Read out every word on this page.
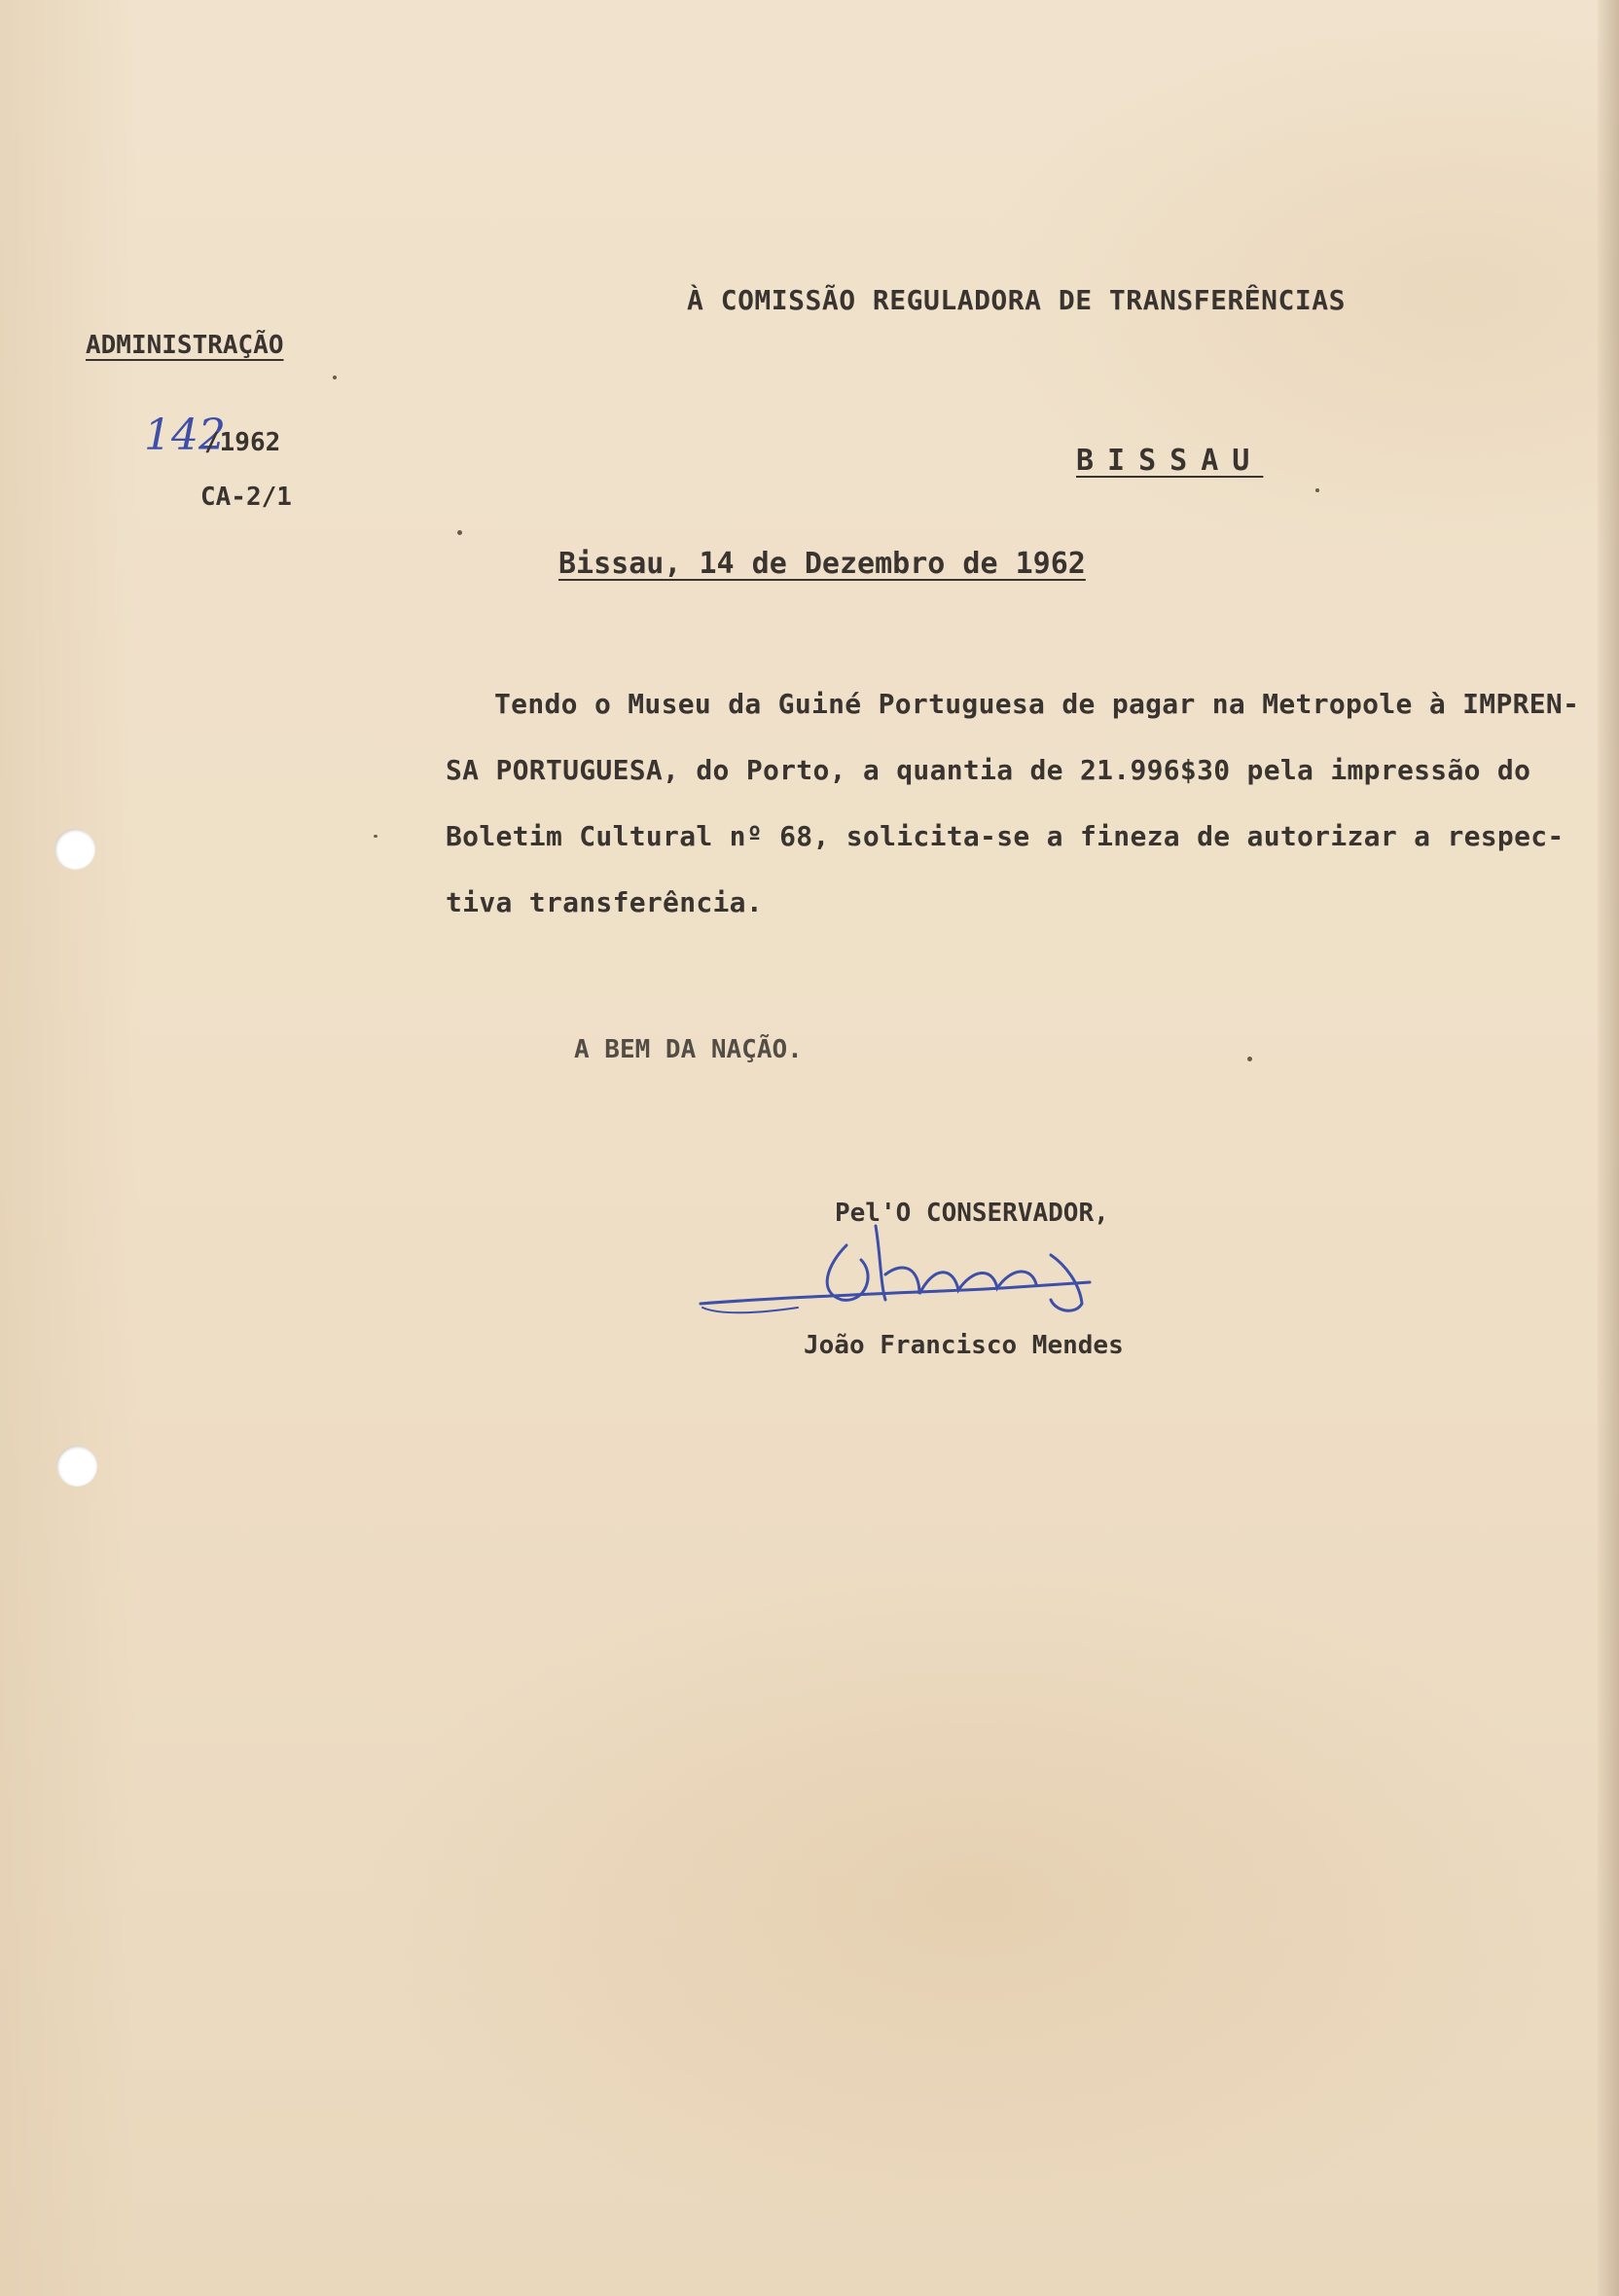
À COMISSÃO REGULADORA DE TRANSFERÊNCIAS
ADMINISTRAÇÃO
142
/1962
CA-2/1
BISSAU
Bissau, 14 de Dezembro de 1962
Tendo o Museu da Guiné Portuguesa de pagar na Metropole à IMPREN-
SA PORTUGUESA, do Porto, a quantia de 21.996$30 pela impressão do
Boletim Cultural nº 68, solicita-se a fineza de autorizar a respec-
tiva transferência.
A BEM DA NAÇÃO.
Pel'O CONSERVADOR,
João Francisco Mendes
